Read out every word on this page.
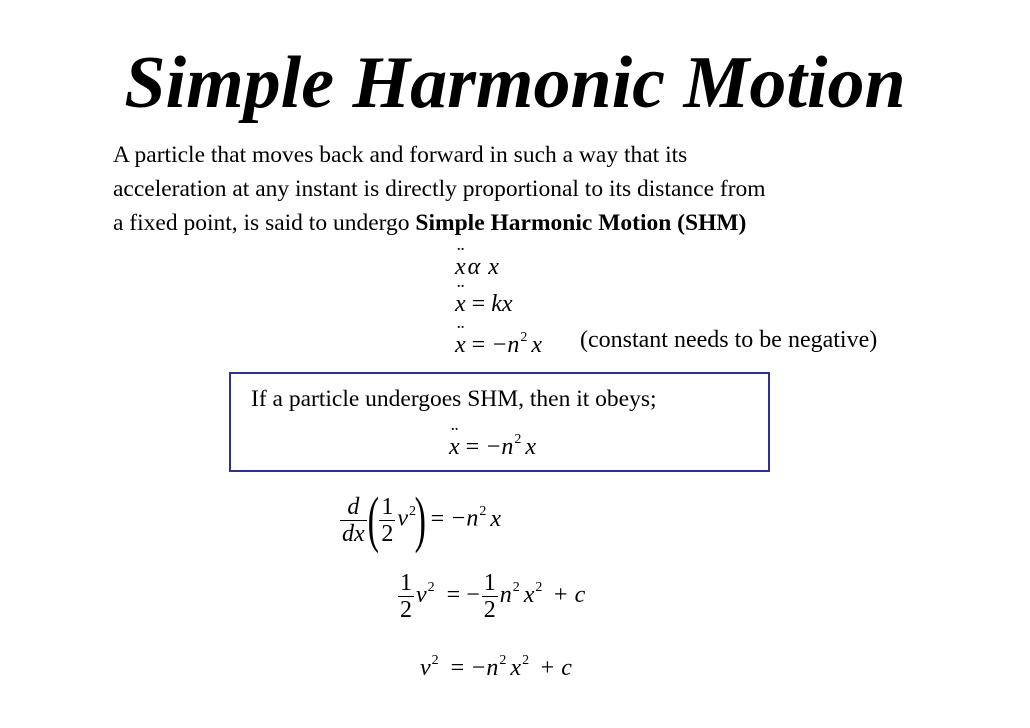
Simple Harmonic Motion
A particle that moves back and forward in such a way that its
acceleration at any instant is directly proportional to its distance from
a fixed point, is said to undergo Simple Harmonic Motion (SHM)
¨ xα x
¨ x = kx
¨ $x = -n^2$ x (constant needs to be negative)
If a particle undergoes SHM, then it obeys;
¨ $x = -n^2$ x
$\frac{d}{dx}$ ( $\frac{1}{2} v^2) = -n^2$ x
$\frac{1}{2} v^2$ = − $\frac{1}{2} n^2$ $x^2 + c$
$v^2 = -n^2$ $x^2 + c$
